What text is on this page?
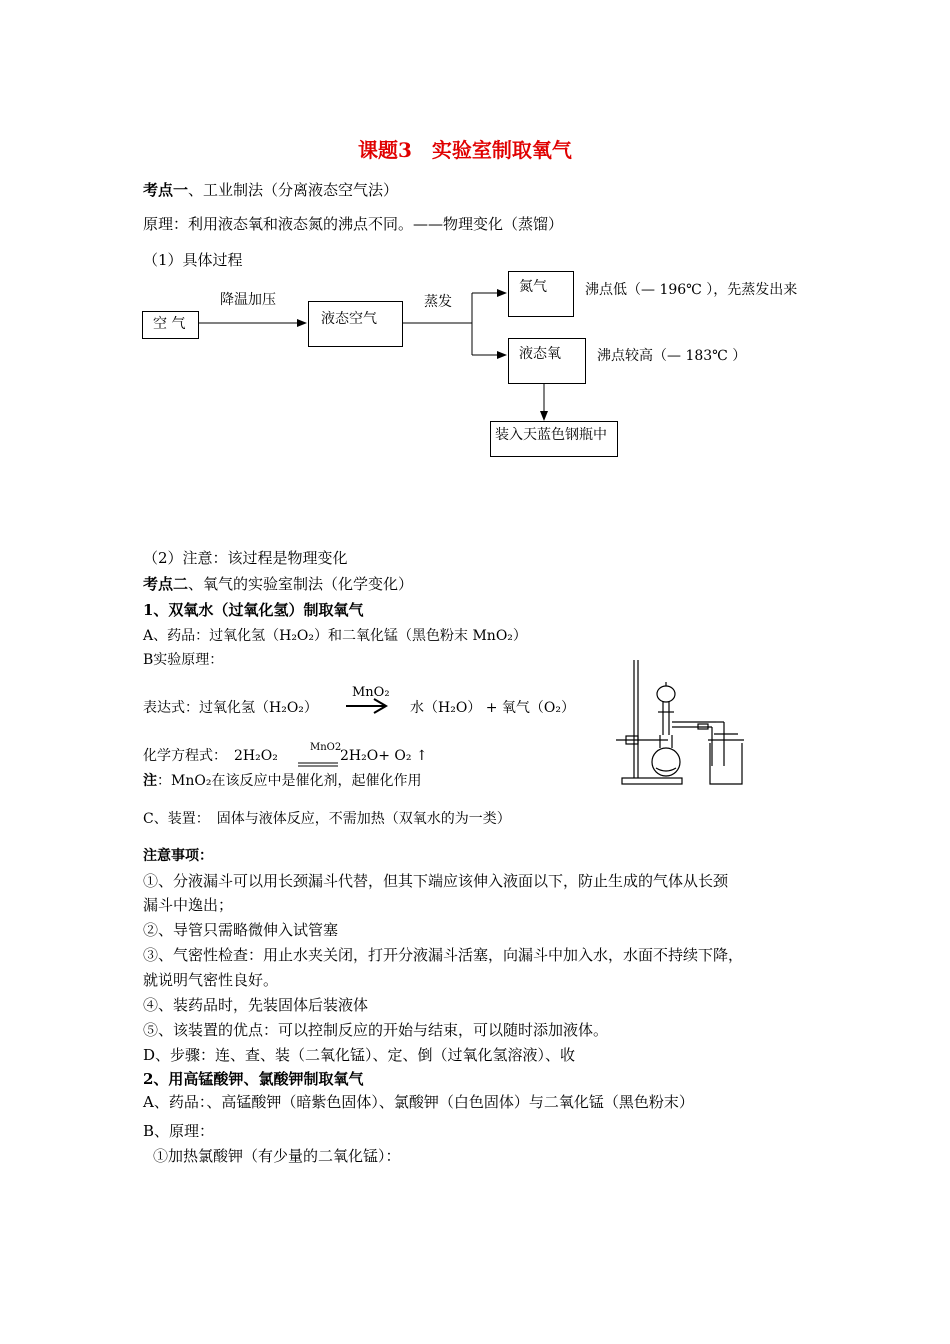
课题3　实验室制取氧气
考点一、工业制法（分离液态空气法）
原理：利用液态氧和液态氮的沸点不同。——物理变化（蒸馏）
（1）具体过程
空 气
降温加压
液态空气
蒸发
氮气	沸点低（— 196℃ ），先蒸发出来
液态氧	沸点较高（— 183℃ ）
装入天蓝色钢瓶中
（2）注意：该过程是物理变化
考点二、氧气的实验室制法（化学变化）
1、双氧水（过氧化氢）制取氧气
A、药品：过氧化氢（H₂O₂）和二氧化锰（黑色粉末 MnO₂）
B实验原理：
MnO₂
表达式：过氧化氢（H₂O₂）	水（H₂O） + 氧气（O₂）
化学方程式：　2H₂O₂
MnO2
2H₂O+ O₂ ↑
注：MnO₂在该反应中是催化剂，起催化作用
C、装置：　固体与液体反应，不需加热（双氧水的为一类）
注意事项：
①、分液漏斗可以用长颈漏斗代替，但其下端应该伸入液面以下，防止生成的气体从长颈
漏斗中逸出；
②、导管只需略微伸入试管塞
③、气密性检查：用止水夹关闭，打开分液漏斗活塞，向漏斗中加入水，水面不持续下降，
就说明气密性良好。
④、装药品时，先装固体后装液体
⑤、该装置的优点：可以控制反应的开始与结束，可以随时添加液体。
D、步骤：连、查、装（二氧化锰）、定、倒（过氧化氢溶液）、收
2、用高锰酸钾、氯酸钾制取氧气
A、药品：、高锰酸钾（暗紫色固体）、氯酸钾（白色固体）与二氧化锰（黑色粉末）
B、原理：
①加热氯酸钾（有少量的二氧化锰）：
